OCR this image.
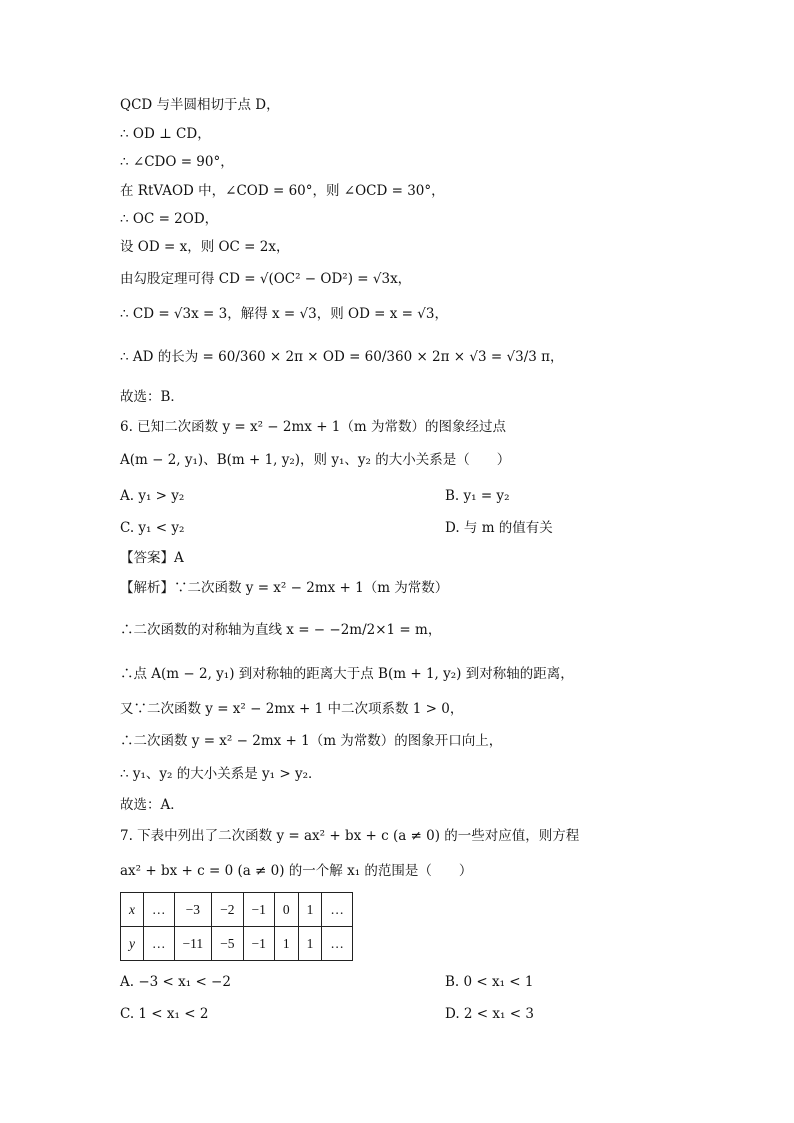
QCD 与半圆相切于点 D，
∴ OD ⊥ CD，
∴ ∠CDO = 90°，
在 RtVAOD 中，∠COD = 60°，则 ∠OCD = 30°，
∴ OC = 2OD，
设 OD = x，则 OC = 2x，
由勾股定理可得 CD = √(OC² − OD²) = √3x，
∴ CD = √3x = 3，解得 x = √3，则 OD = x = √3，
∴ AD 的长为 = 60/360 × 2π × OD = 60/360 × 2π × √3 = √3/3 π，
故选：B．
6. 已知二次函数 y = x² − 2mx + 1（m 为常数）的图象经过点
A(m − 2, y₁)、B(m + 1, y₂)，则 y₁、y₂ 的大小关系是（　　）
A. y₁ > y₂	B. y₁ = y₂
C. y₁ < y₂	D. 与 m 的值有关
【答案】A
【解析】∵二次函数 y = x² − 2mx + 1（m 为常数）
∴二次函数的对称轴为直线 x = − −2m/2×1 = m，
∴点 A(m − 2, y₁) 到对称轴的距离大于点 B(m + 1, y₂) 到对称轴的距离，
又∵二次函数 y = x² − 2mx + 1 中二次项系数 1 > 0，
∴二次函数 y = x² − 2mx + 1（m 为常数）的图象开口向上，
∴ y₁、y₂ 的大小关系是 y₁ > y₂．
故选：A．
7. 下表中列出了二次函数 y = ax² + bx + c (a ≠ 0) 的一些对应值，则方程
ax² + bx + c = 0 (a ≠ 0) 的一个解 x₁ 的范围是（　　）
x	…	−3	−2	−1	0	1	…
y	…	−11	−5	−1	1	1	…
A. −3 < x₁ < −2	B. 0 < x₁ < 1
C. 1 < x₁ < 2	D. 2 < x₁ < 3
